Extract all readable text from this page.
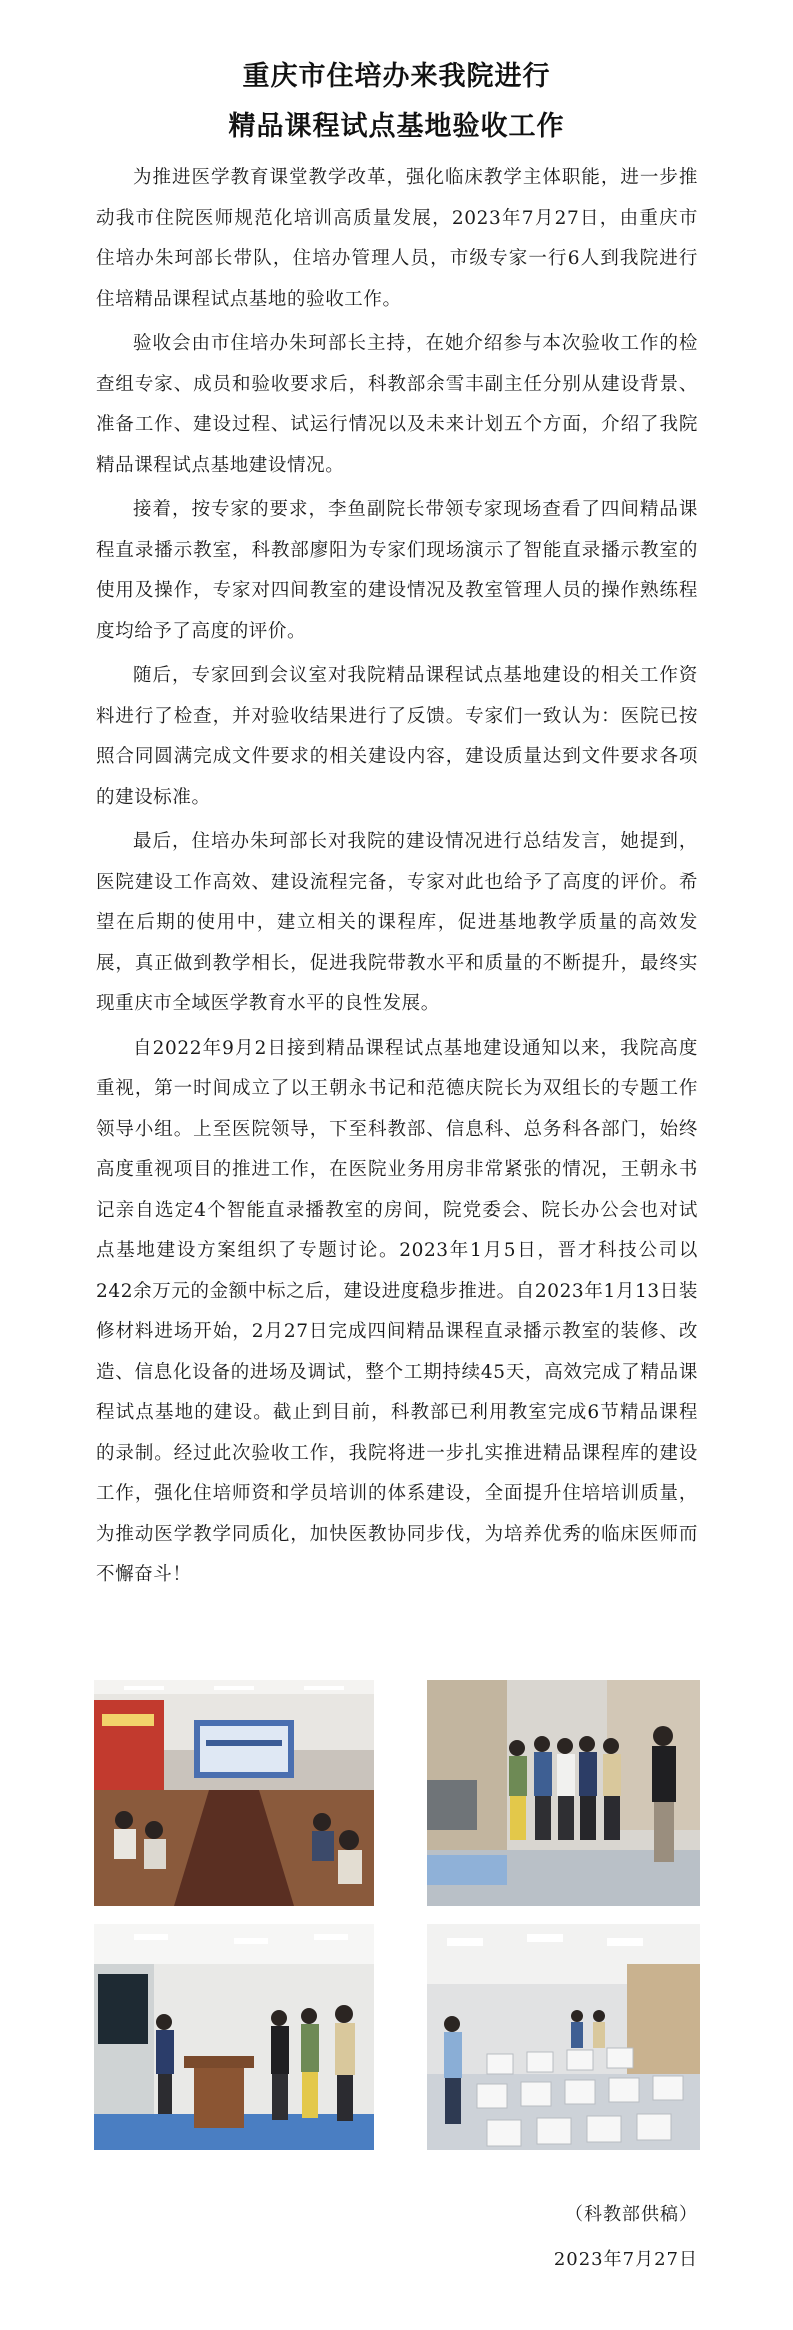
重庆市住培办来我院进行
精品课程试点基地验收工作

为推进医学教育课堂教学改革，强化临床教学主体职能，进一步推动我市住院医师规范化培训高质量发展，2023年7月27日，由重庆市住培办朱珂部长带队，住培办管理人员，市级专家一行6人到我院进行住培精品课程试点基地的验收工作。

验收会由市住培办朱珂部长主持，在她介绍参与本次验收工作的检查组专家、成员和验收要求后，科教部余雪丰副主任分别从建设背景、准备工作、建设过程、试运行情况以及未来计划五个方面，介绍了我院精品课程试点基地建设情况。

接着，按专家的要求，李鱼副院长带领专家现场查看了四间精品课程直录播示教室，科教部廖阳为专家们现场演示了智能直录播示教室的使用及操作，专家对四间教室的建设情况及教室管理人员的操作熟练程度均给予了高度的评价。

随后，专家回到会议室对我院精品课程试点基地建设的相关工作资料进行了检查，并对验收结果进行了反馈。专家们一致认为：医院已按照合同圆满完成文件要求的相关建设内容，建设质量达到文件要求各项的建设标准。

最后，住培办朱珂部长对我院的建设情况进行总结发言，她提到，医院建设工作高效、建设流程完备，专家对此也给予了高度的评价。希望在后期的使用中，建立相关的课程库，促进基地教学质量的高效发展，真正做到教学相长，促进我院带教水平和质量的不断提升，最终实现重庆市全域医学教育水平的良性发展。

自2022年9月2日接到精品课程试点基地建设通知以来，我院高度重视，第一时间成立了以王朝永书记和范德庆院长为双组长的专题工作领导小组。上至医院领导，下至科教部、信息科、总务科各部门，始终高度重视项目的推进工作，在医院业务用房非常紧张的情况，王朝永书记亲自选定4个智能直录播教室的房间，院党委会、院长办公会也对试点基地建设方案组织了专题讨论。2023年1月5日，晋才科技公司以242余万元的金额中标之后，建设进度稳步推进。自2023年1月13日装修材料进场开始，2月27日完成四间精品课程直录播示教室的装修、改造、信息化设备的进场及调试，整个工期持续45天，高效完成了精品课程试点基地的建设。截止到目前，科教部已利用教室完成6节精品课程的录制。经过此次验收工作，我院将进一步扎实推进精品课程库的建设工作，强化住培师资和学员培训的体系建设，全面提升住培培训质量，为推动医学教学同质化，加快医教协同步伐，为培养优秀的临床医师而不懈奋斗！

（科教部供稿）
2023年7月27日
